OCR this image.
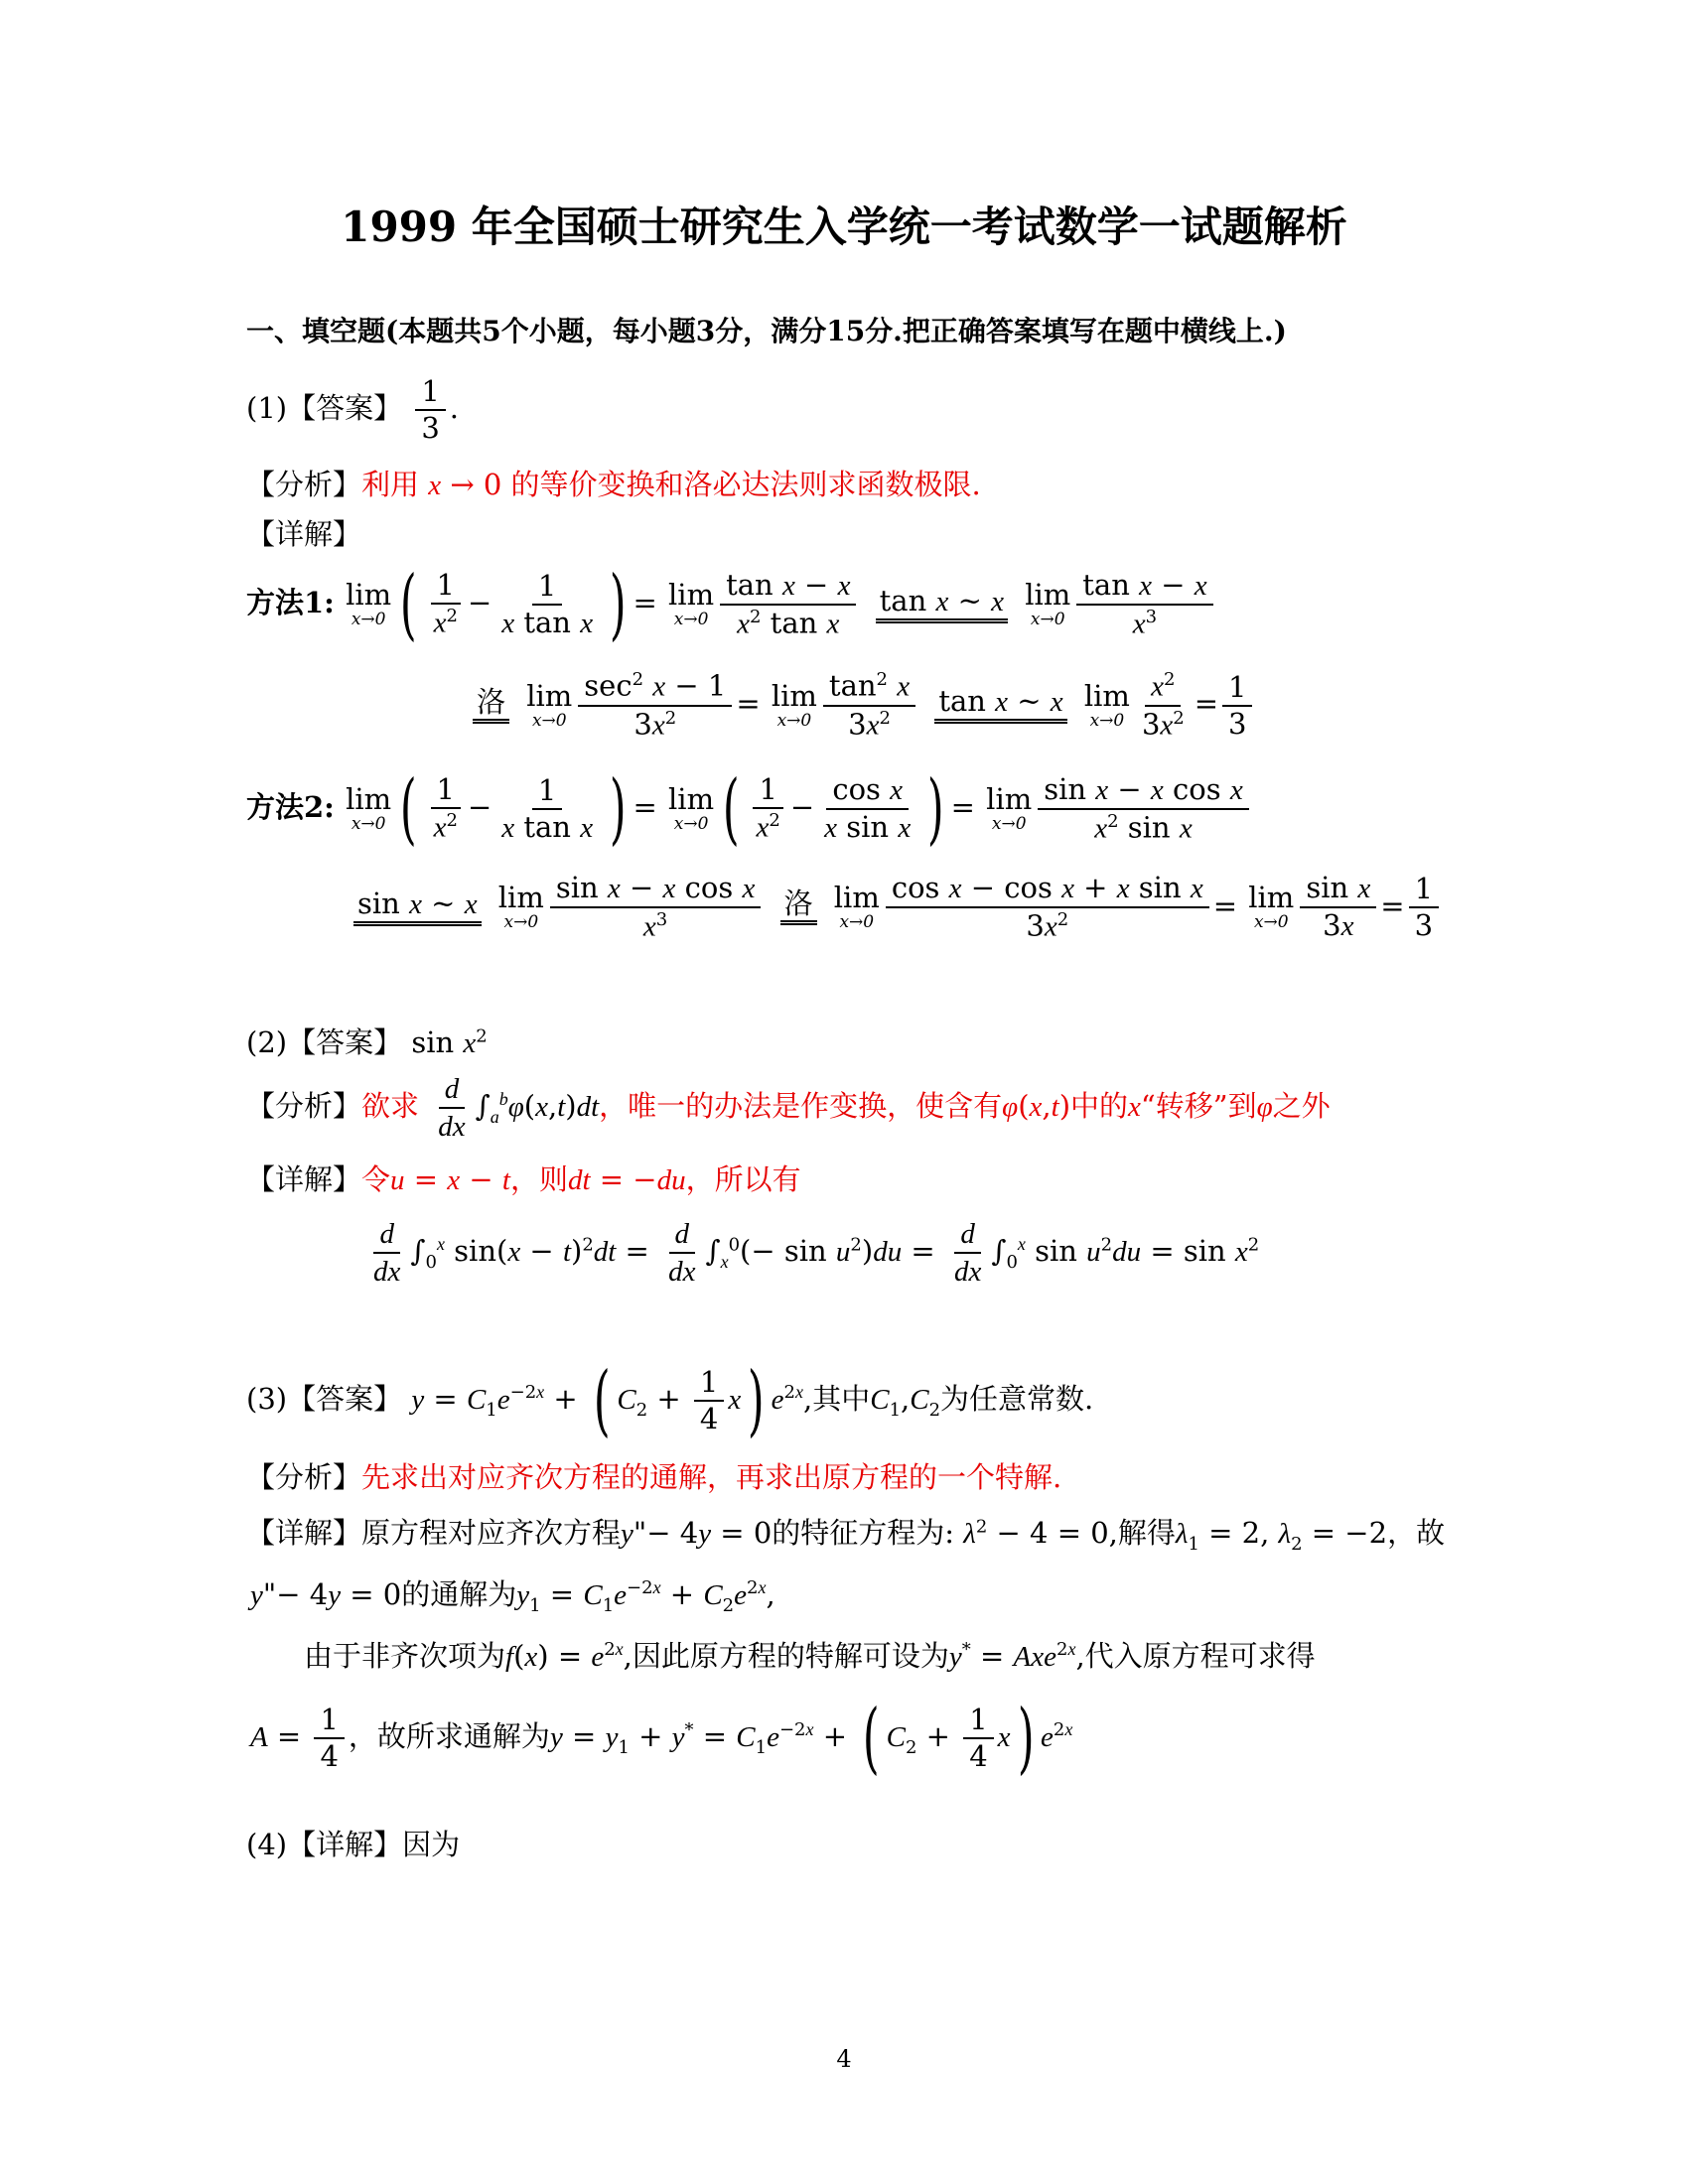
1999 年全国硕士研究生入学统一考试数学一试题解析
一、填空题(本题共5个小题，每小题3分，满分15分.把正确答案填写在题中横线上.)
(1)【答案】 $\frac{1}{3}$ .
【分析】利用 x → 0 的等价变换和洛必达法则求函数极限.
【详解】
方法1: lim
x→0 ( $\frac{1}{x^2} - \frac{1}{\text{x tan x}}$ ) = lim
$x\to 0 \frac{\text{tan x − x}}{x^2 \tan x}$
tan x ~ x
lim
$x\to 0 \frac{\text{tan x − x}}{x^3}$
洛
lim
$x\to 0 \frac{\sec^2 x - 1}{3x^2} = \lim$
$x\to 0 \frac{\tan^2 x}{3x^2}$
tan x ~ x
lim
$x\to 0 \frac{x^2}{3x^2} = \frac{1}{3}$
方法2: lim
x→0 ( $\frac{1}{x^2} - \frac{1}{\text{x tan x}}$ ) = lim
x→0 ( $\frac{1}{x^2} - \frac{\text{cos x}}{\text{x sin x}}$ ) = lim
$x\to 0 \frac{\text{sin x − x cos x}}{x^2 \sin x}$
sin x ~ x
lim
$x\to 0 \frac{\text{sin x − x cos x}}{x^3}$
洛
lim
$x\to 0 \frac{\text{cos x − cos x + x sin x}}{3x^2} = \lim$
$x\to 0 \frac{\text{sin x}}{3x} = \frac{1}{3}$
(2)【答案】 $\sin x^2$
【分析】欲求 $\frac{d}{dx} \int_a^b\varphi(x,t)dt$，唯一的办法是作变换，使含有φ(x,t)中的x“转移”到φ之外
【详解】令u = x − t，则dt = −du，所以有
$\frac{d}{dx} \int_0^x$ $\sin(x - t)^2dt = \frac{d}{dx} \int_x^0(- \sin u^2)du = \frac{d}{dx} \int_0^x$ $\sin u^2du = \sin x^2$
(3)【答案】 $y = C_1e^{-2x}$ + ( $C_2 + \frac{1}{4} x$) $e^{2x}$,其中$C_1,C_2$为任意常数.
【分析】先求出对应齐次方程的通解，再求出原方程的一个特解.
【详解】原方程对应齐次方程y"− 4y = 0的特征方程为: $\lambda^2 - 4 = 0$,解得$\lambda_1 = 2$, $\lambda_2 = -2$，故
y"− 4y = 0的通解为$y_1 = C_1e^{-2x} + C_2e^{2x}$,
由于非齐次项为$f(x) = e^{2x}$,因此原方程的特解可设为y* = Axe$^{2x}$,代入原方程可求得
$A = \frac{1}{4}$ ，故所求通解为$y = y_1 + y^* = C_1e^{-2x}$ + ( $C_2 + \frac{1}{4} x$) $e^{2x}$
(4)【详解】因为
4
